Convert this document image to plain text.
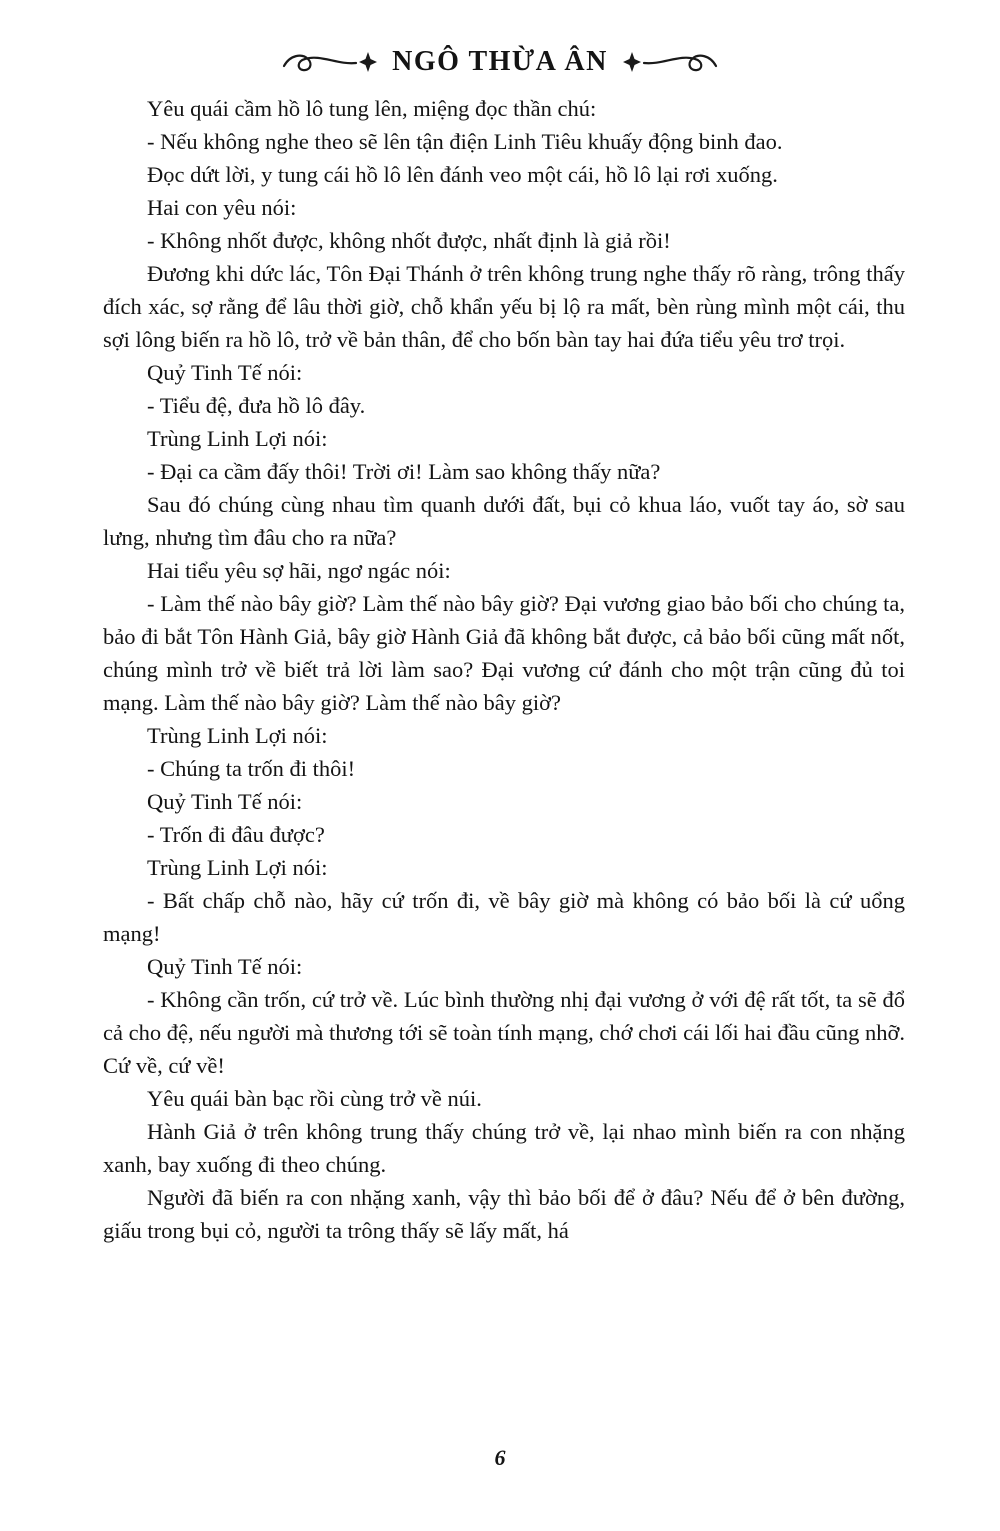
NGÔ THỪA ÂN

Yêu quái cầm hồ lô tung lên, miệng đọc thần chú:

- Nếu không nghe theo sẽ lên tận điện Linh Tiêu khuấy động binh đao.

Đọc dứt lời, y tung cái hồ lô lên đánh veo một cái, hồ lô lại rơi xuống.

Hai con yêu nói:

- Không nhốt được, không nhốt được, nhất định là giả rồi!

Đương khi dức lác, Tôn Đại Thánh ở trên không trung nghe thấy rõ ràng, trông thấy đích xác, sợ rằng để lâu thời giờ, chỗ khẩn yếu bị lộ ra mất, bèn rùng mình một cái, thu sợi lông biến ra hồ lô, trở về bản thân, để cho bốn bàn tay hai đứa tiểu yêu trơ trọi.

Quỷ Tinh Tế nói:

- Tiểu đệ, đưa hồ lô đây.

Trùng Linh Lợi nói:

- Đại ca cầm đấy thôi! Trời ơi! Làm sao không thấy nữa?

Sau đó chúng cùng nhau tìm quanh dưới đất, bụi cỏ khua láo, vuốt tay áo, sờ sau lưng, nhưng tìm đâu cho ra nữa?

Hai tiểu yêu sợ hãi, ngơ ngác nói:

- Làm thế nào bây giờ? Làm thế nào bây giờ? Đại vương giao bảo bối cho chúng ta, bảo đi bắt Tôn Hành Giả, bây giờ Hành Giả đã không bắt được, cả bảo bối cũng mất nốt, chúng mình trở về biết trả lời làm sao? Đại vương cứ đánh cho một trận cũng đủ toi mạng. Làm thế nào bây giờ? Làm thế nào bây giờ?

Trùng Linh Lợi nói:

- Chúng ta trốn đi thôi!

Quỷ Tinh Tế nói:

- Trốn đi đâu được?

Trùng Linh Lợi nói:

- Bất chấp chỗ nào, hãy cứ trốn đi, về bây giờ mà không có bảo bối là cứ uổng mạng!

Quỷ Tinh Tế nói:

- Không cần trốn, cứ trở về. Lúc bình thường nhị đại vương ở với đệ rất tốt, ta sẽ đổ cả cho đệ, nếu người mà thương tới sẽ toàn tính mạng, chớ chơi cái lối hai đầu cũng nhỡ. Cứ về, cứ về!

Yêu quái bàn bạc rồi cùng trở về núi.

Hành Giả ở trên không trung thấy chúng trở về, lại nhao mình biến ra con nhặng xanh, bay xuống đi theo chúng.

Người đã biến ra con nhặng xanh, vậy thì bảo bối để ở đâu? Nếu để ở bên đường, giấu trong bụi cỏ, người ta trông thấy sẽ lấy mất, há

6
